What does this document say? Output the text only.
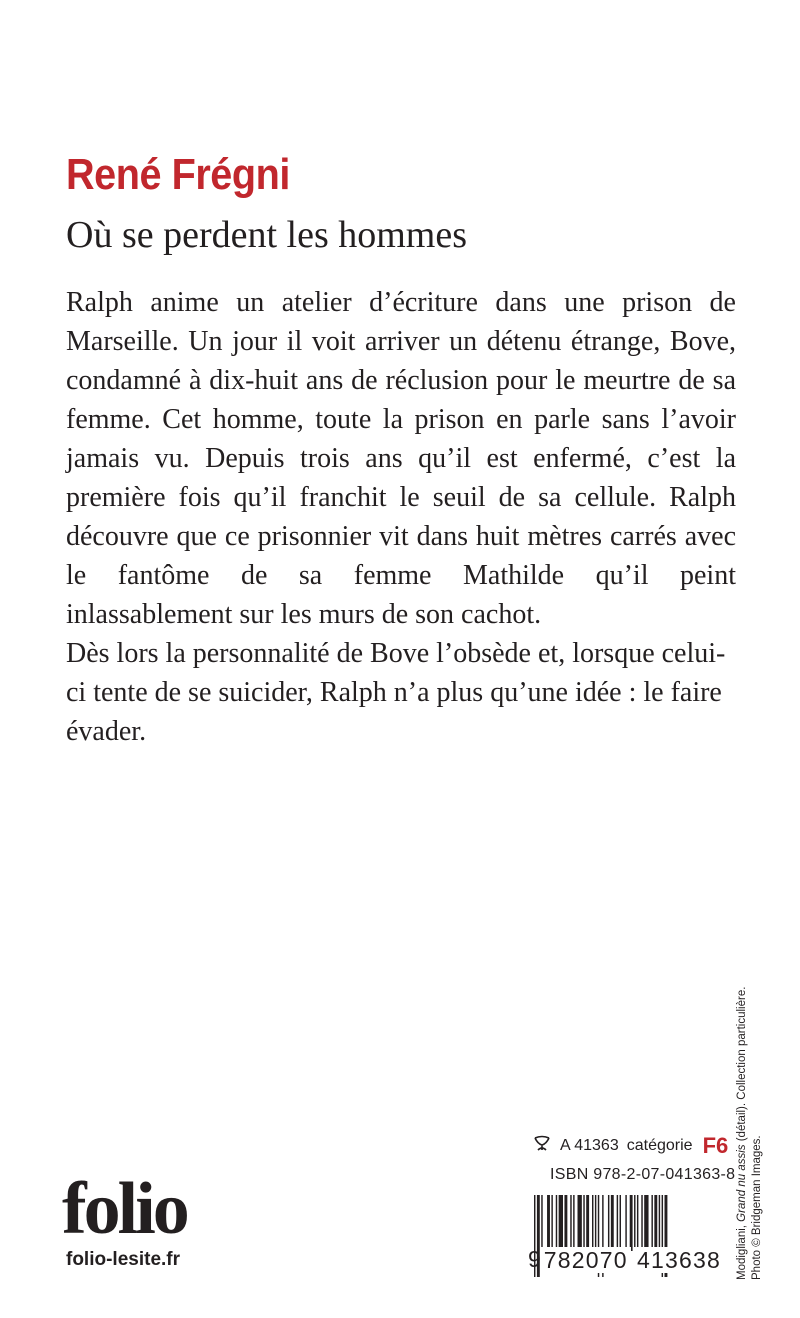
René Frégni
Où se perdent les hommes

Ralph anime un atelier d’écriture dans une prison de Marseille. Un jour il voit arriver un détenu étrange, Bove, condamné à dix-huit ans de réclusion pour le meurtre de sa femme. Cet homme, toute la prison en parle sans l’avoir jamais vu. Depuis trois ans qu’il est enfermé, c’est la première fois qu’il franchit le seuil de sa cellule. Ralph découvre que ce prisonnier vit dans huit mètres carrés avec le fantôme de sa femme Mathilde qu’il peint inlassablement sur les murs de son cachot.

Dès lors la personnalité de Bove l’obsède et, lorsque celui-ci tente de se suicider, Ralph n’a plus qu’une idée : le faire évader.

folio
folio-lesite.fr
A 41363 catégorie F6
ISBN 978-2-07-041363-8
9 782070 413638 Modigliani, Grand nu assis (détail). Collection particulière.
Photo © Bridgeman Images.
